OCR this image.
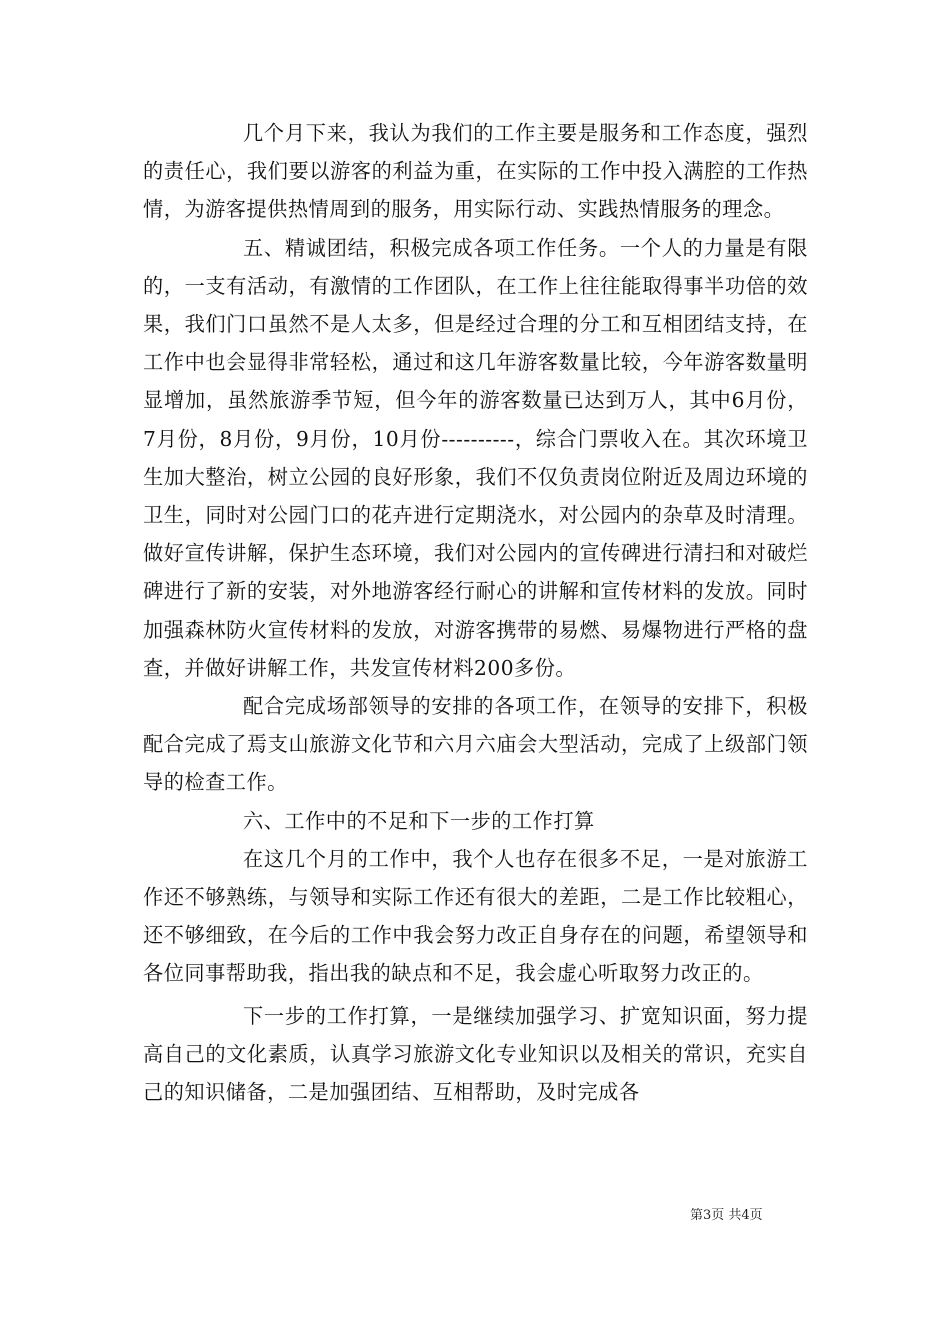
几个月下来，我认为我们的工作主要是服务和工作态度，强烈的责任心，我们要以游客的利益为重，在实际的工作中投入满腔的工作热情，为游客提供热情周到的服务，用实际行动、实践热情服务的理念。

五、精诚团结，积极完成各项工作任务。一个人的力量是有限的，一支有活动，有激情的工作团队，在工作上往往能取得事半功倍的效果，我们门口虽然不是人太多，但是经过合理的分工和互相团结支持，在工作中也会显得非常轻松，通过和这几年游客数量比较，今年游客数量明显增加，虽然旅游季节短，但今年的游客数量已达到万人，其中6月份，7月份，8月份，9月份，10月份----------，综合门票收入在。其次环境卫生加大整治，树立公园的良好形象，我们不仅负责岗位附近及周边环境的卫生，同时对公园门口的花卉进行定期浇水，对公园内的杂草及时清理。做好宣传讲解，保护生态环境，我们对公园内的宣传碑进行清扫和对破烂碑进行了新的安装，对外地游客经行耐心的讲解和宣传材料的发放。同时加强森林防火宣传材料的发放，对游客携带的易燃、易爆物进行严格的盘查，并做好讲解工作，共发宣传材料200多份。

配合完成场部领导的安排的各项工作，在领导的安排下，积极配合完成了焉支山旅游文化节和六月六庙会大型活动，完成了上级部门领导的检查工作。

六、工作中的不足和下一步的工作打算

在这几个月的工作中，我个人也存在很多不足，一是对旅游工作还不够熟练，与领导和实际工作还有很大的差距，二是工作比较粗心，还不够细致，在今后的工作中我会努力改正自身存在的问题，希望领导和各位同事帮助我，指出我的缺点和不足，我会虚心听取努力改正的。

下一步的工作打算，一是继续加强学习、扩宽知识面，努力提高自己的文化素质，认真学习旅游文化专业知识以及相关的常识，充实自己的知识储备，二是加强团结、互相帮助，及时完成各

第3页 共4页
